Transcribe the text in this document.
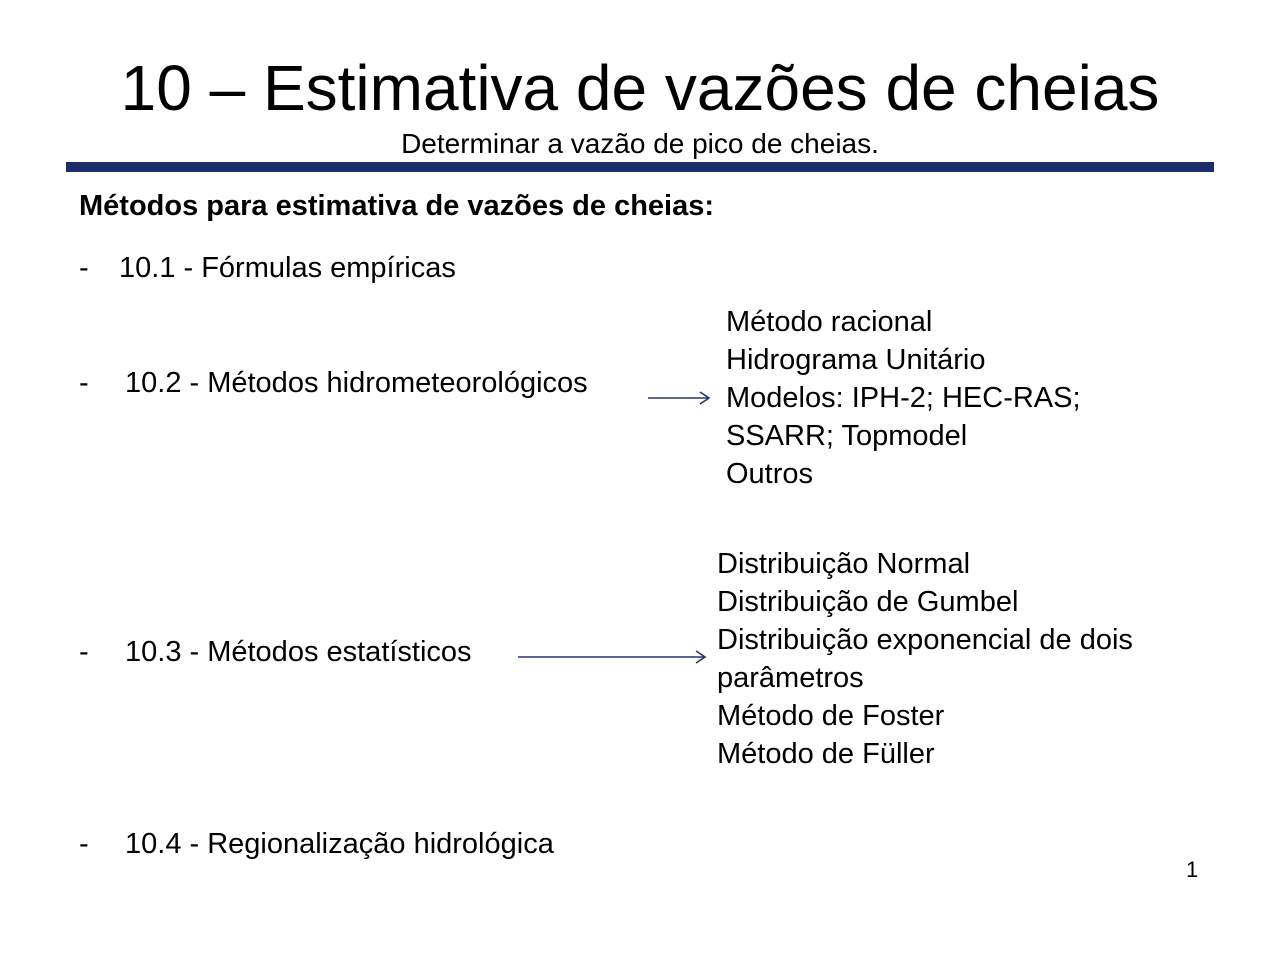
10 – Estimativa de vazões de cheias
Determinar a vazão de pico de cheias.
Métodos para estimativa de vazões de cheias:
- 10.1 - Fórmulas empíricas
- 10.2 - Métodos hidrometeorológicos
- 10.3 - Métodos estatísticos
- 10.4 - Regionalização hidrológica
Método racional
Hidrograma Unitário
Modelos: IPH-2; HEC-RAS;
SSARR; Topmodel
Outros
Distribuição Normal
Distribuição de Gumbel
Distribuição exponencial de dois
parâmetros
Método de Foster
Método de Füller
1
